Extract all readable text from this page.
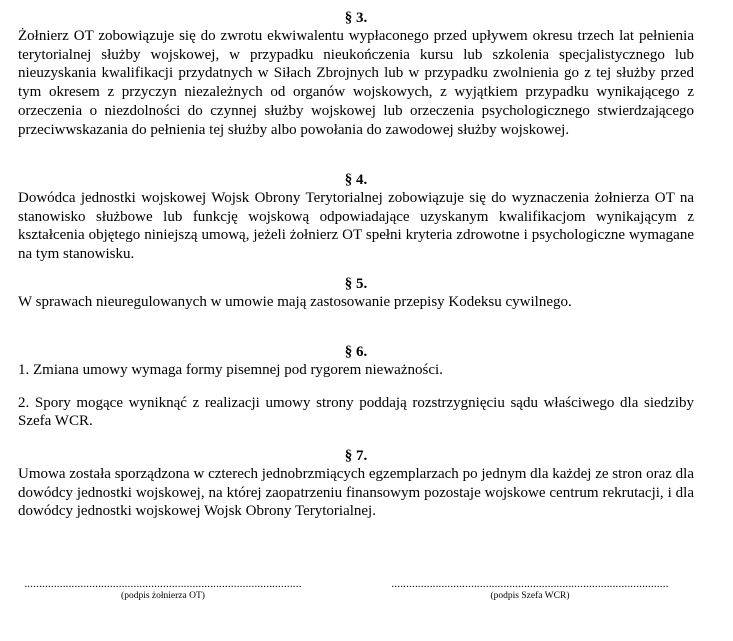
§ 3.

Żołnierz OT zobowiązuje się do zwrotu ekwiwalentu wypłaconego przed upływem okresu trzech lat pełnienia terytorialnej służby wojskowej, w przypadku nieukończenia kursu lub szkolenia specjalistycznego lub nieuzyskania kwalifikacji przydatnych w Siłach Zbrojnych lub w przypadku zwolnienia go z tej służby przed tym okresem z przyczyn niezależnych od organów wojskowych, z wyjątkiem przypadku wynikającego z orzeczenia o niezdolności do czynnej służby wojskowej lub orzeczenia psychologicznego stwierdzającego przeciwwskazania do pełnienia tej służby albo powołania do zawodowej służby wojskowej.

§ 4.

Dowódca jednostki wojskowej Wojsk Obrony Terytorialnej zobowiązuje się do wyznaczenia żołnierza OT na stanowisko służbowe lub funkcję wojskową odpowiadające uzyskanym kwalifikacjom wynikającym z kształcenia objętego niniejszą umową, jeżeli żołnierz OT spełni kryteria zdrowotne i psychologiczne wymagane na tym stanowisku.

§ 5.

W sprawach nieuregulowanych w umowie mają zastosowanie przepisy Kodeksu cywilnego.

§ 6.

1. Zmiana umowy wymaga formy pisemnej pod rygorem nieważności.

2. Spory mogące wyniknąć z realizacji umowy strony poddają rozstrzygnięciu sądu właściwego dla siedziby Szefa WCR.

§ 7.

Umowa została sporządzona w czterech jednobrzmiących egzemplarzach po jednym dla każdej ze stron oraz dla dowódcy jednostki wojskowej, na której zaopatrzeniu finansowym pozostaje wojskowe centrum rekrutacji, i dla dowódcy jednostki wojskowej Wojsk Obrony Terytorialnej.

..............................................................................................
(podpis żołnierza OT)
..............................................................................................
(podpis Szefa WCR)
